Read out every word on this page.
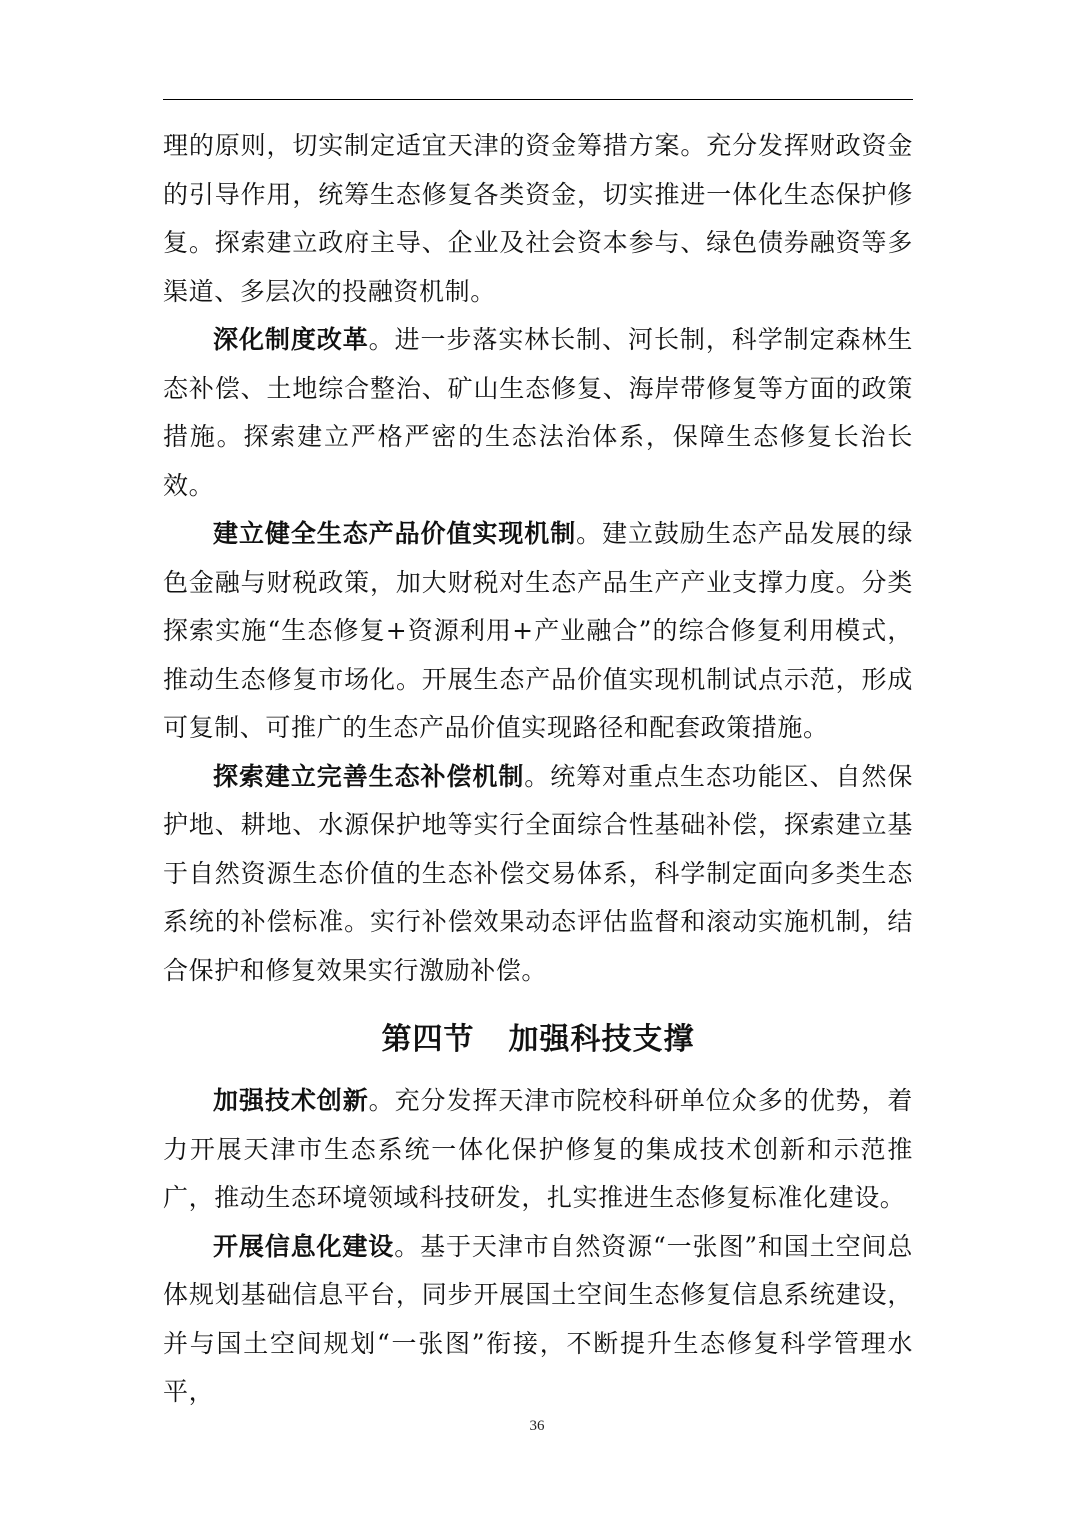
理的原则，切实制定适宜天津的资金筹措方案。充分发挥财政资金的引导作用，统筹生态修复各类资金，切实推进一体化生态保护修复。探索建立政府主导、企业及社会资本参与、绿色债券融资等多渠道、多层次的投融资机制。

深化制度改革。进一步落实林长制、河长制，科学制定森林生态补偿、土地综合整治、矿山生态修复、海岸带修复等方面的政策措施。探索建立严格严密的生态法治体系，保障生态修复长治长效。

建立健全生态产品价值实现机制。建立鼓励生态产品发展的绿色金融与财税政策，加大财税对生态产品生产产业支撑力度。分类探索实施“生态修复+资源利用+产业融合”的综合修复利用模式，推动生态修复市场化。开展生态产品价值实现机制试点示范，形成可复制、可推广的生态产品价值实现路径和配套政策措施。

探索建立完善生态补偿机制。统筹对重点生态功能区、自然保护地、耕地、水源保护地等实行全面综合性基础补偿，探索建立基于自然资源生态价值的生态补偿交易体系，科学制定面向多类生态系统的补偿标准。实行补偿效果动态评估监督和滚动实施机制，结合保护和修复效果实行激励补偿。

第四节 加强科技支撑

加强技术创新。充分发挥天津市院校科研单位众多的优势，着力开展天津市生态系统一体化保护修复的集成技术创新和示范推广，推动生态环境领域科技研发，扎实推进生态修复标准化建设。

开展信息化建设。基于天津市自然资源“一张图”和国土空间总体规划基础信息平台，同步开展国土空间生态修复信息系统建设，并与国土空间规划“一张图”衔接，不断提升生态修复科学管理水平，

36
